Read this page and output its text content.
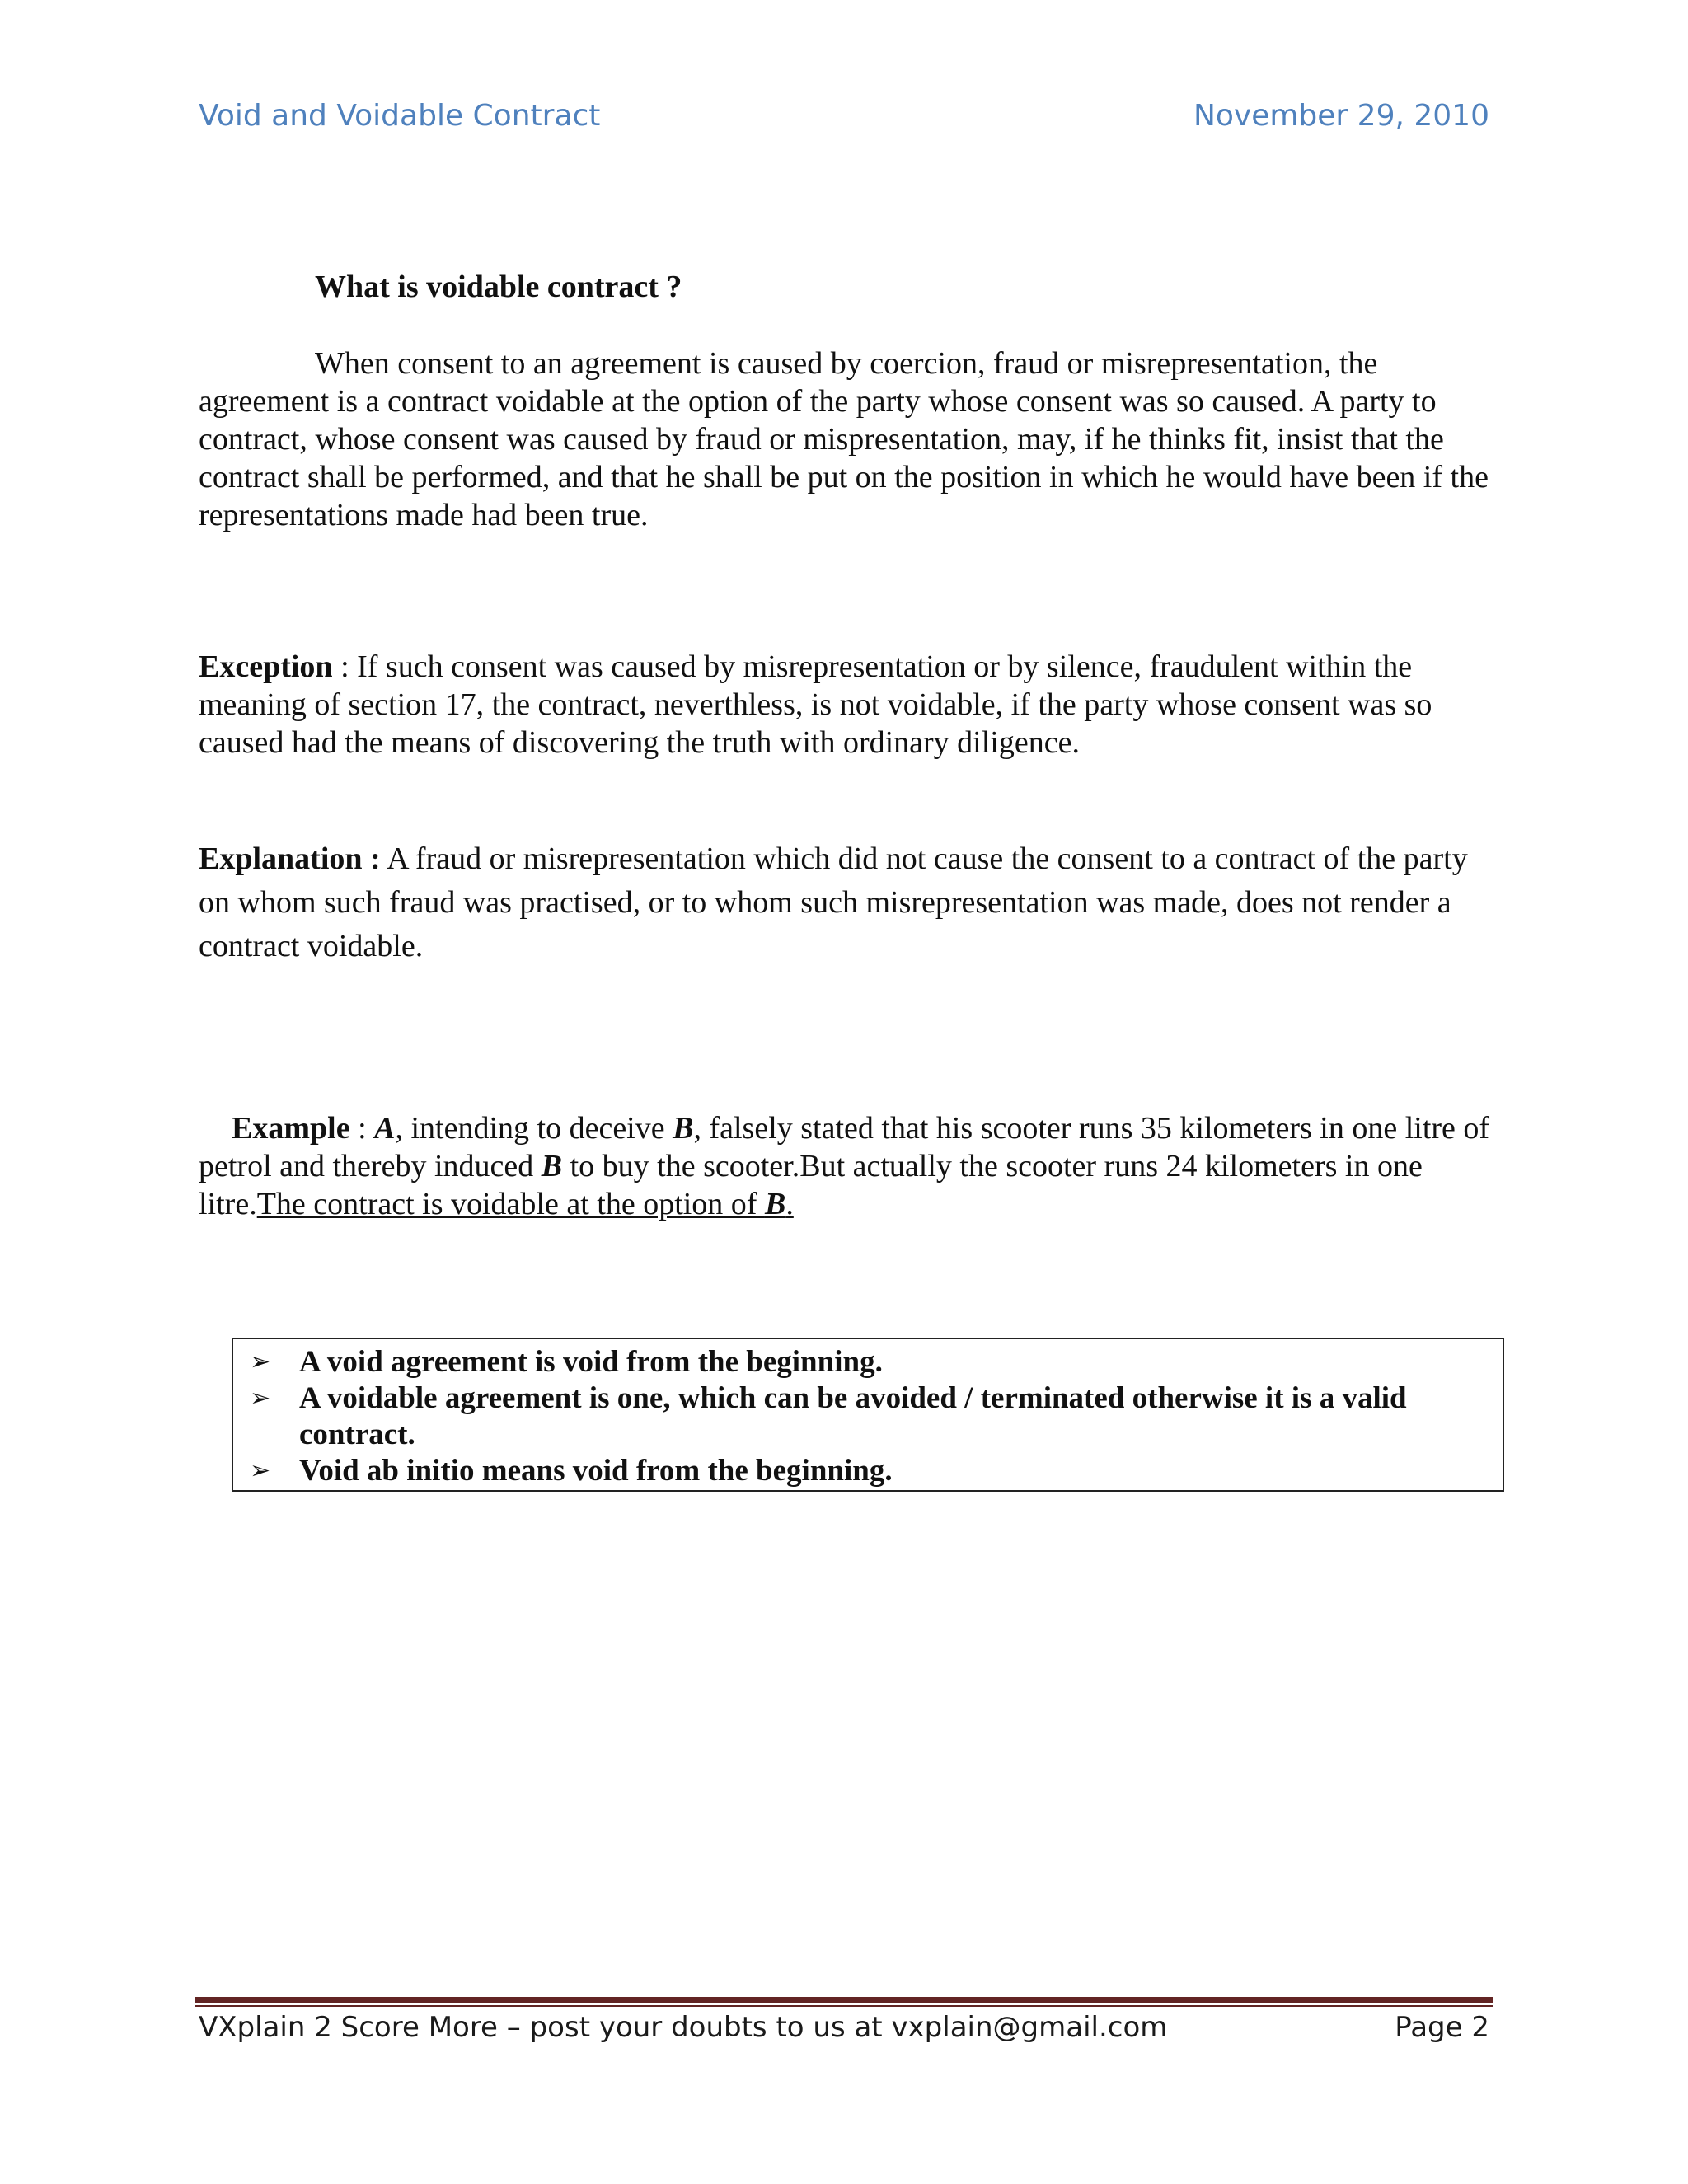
Void and Voidable Contract	November 29, 2010
What is voidable contract ?

When consent to an agreement is caused by coercion, fraud or misrepresentation, the agreement is a contract voidable at the option of the party whose consent was so caused. A party to contract, whose consent was caused by fraud or mispresentation, may, if he thinks fit, insist that the contract shall be performed, and that he shall be put on the position in which he would have been if the representations made had been true.

Exception : If such consent was caused by misrepresentation or by silence, fraudulent within the meaning of section 17, the contract, neverthless, is not voidable, if the party whose consent was so caused had the means of discovering the truth with ordinary diligence.

Explanation : A fraud or misrepresentation which did not cause the consent to a contract of the party on whom such fraud was practised, or to whom such misrepresentation was made, does not render a contract voidable.

Example : A, intending to deceive B, falsely stated that his scooter runs 35 kilometers in one litre of petrol and thereby induced B to buy the scooter.But actually the scooter runs 24 kilometers in one litre.The contract is voidable at the option of B.

➢ A void agreement is void from the beginning.
➢ A voidable agreement is one, which can be avoided / terminated otherwise it is a valid contract.
➢ Void ab initio means void from the beginning.
VXplain 2 Score More – post your doubts to us at vxplain@gmail.com	Page 2
